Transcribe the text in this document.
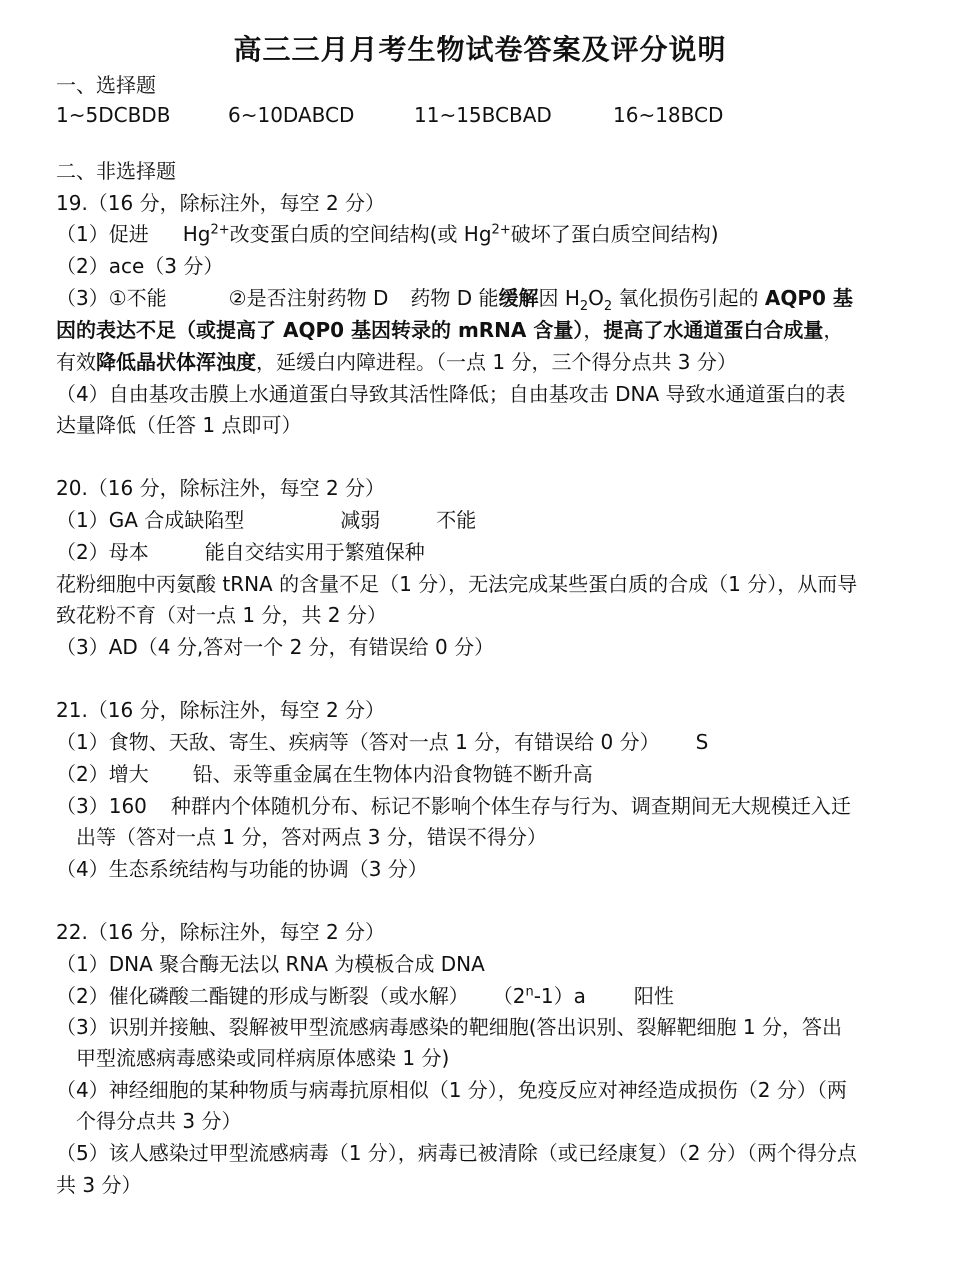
高三三月月考生物试卷答案及评分说明
一、选择题
1~5DCBDB	6~10DABCD	11~15BCBAD	16~18BCD
二、非选择题
19.（16 分，除标注外，每空 2 分）
（1）促进 $Hg^{2+}$改变蛋白质的空间结构(或 $Hg^{2+}$破坏了蛋白质空间结构)
（2）ace（3 分）
（3）①不能	②是否注射药物 D 药物 D 能缓解因 $H_2O_2$ 氧化损伤引起的 AQP0 基
因的表达不足（或提高了 AQP0 基因转录的 mRNA 含量），提高了水通道蛋白合成量，
有效降低晶状体浑浊度，延缓白内障进程。（一点 1 分，三个得分点共 3 分）
（4）自由基攻击膜上水通道蛋白导致其活性降低；自由基攻击 DNA 导致水通道蛋白的表
达量降低（任答 1 点即可）
20.（16 分，除标注外，每空 2 分）
（1）GA 合成缺陷型	减弱	不能
（2）母本	能自交结实用于繁殖保种
花粉细胞中丙氨酸 tRNA 的含量不足（1 分），无法完成某些蛋白质的合成（1 分），从而导
致花粉不育（对一点 1 分，共 2 分）
（3）AD（4 分,答对一个 2 分，有错误给 0 分）
21.（16 分，除标注外，每空 2 分）
（1）食物、天敌、寄生、疾病等（答对一点 1 分，有错误给 0 分） S
（2）增大 铅、汞等重金属在生物体内沿食物链不断升高
（3）160 种群内个体随机分布、标记不影响个体生存与行为、调查期间无大规模迁入迁
出等（答对一点 1 分，答对两点 3 分，错误不得分）
（4）生态系统结构与功能的协调（3 分）
22.（16 分，除标注外，每空 2 分）
（1）DNA 聚合酶无法以 RNA 为模板合成 DNA
（2）催化磷酸二酯键的形成与断裂（或水解） （2$^n$-1）a 阳性
（3）识别并接触、裂解被甲型流感病毒感染的靶细胞(答出识别、裂解靶细胞 1 分，答出
甲型流感病毒感染或同样病原体感染 1 分)
（4）神经细胞的某种物质与病毒抗原相似（1 分），免疫反应对神经造成损伤（2 分）（两
个得分点共 3 分）
（5）该人感染过甲型流感病毒（1 分），病毒已被清除（或已经康复）（2 分）（两个得分点
共 3 分）
